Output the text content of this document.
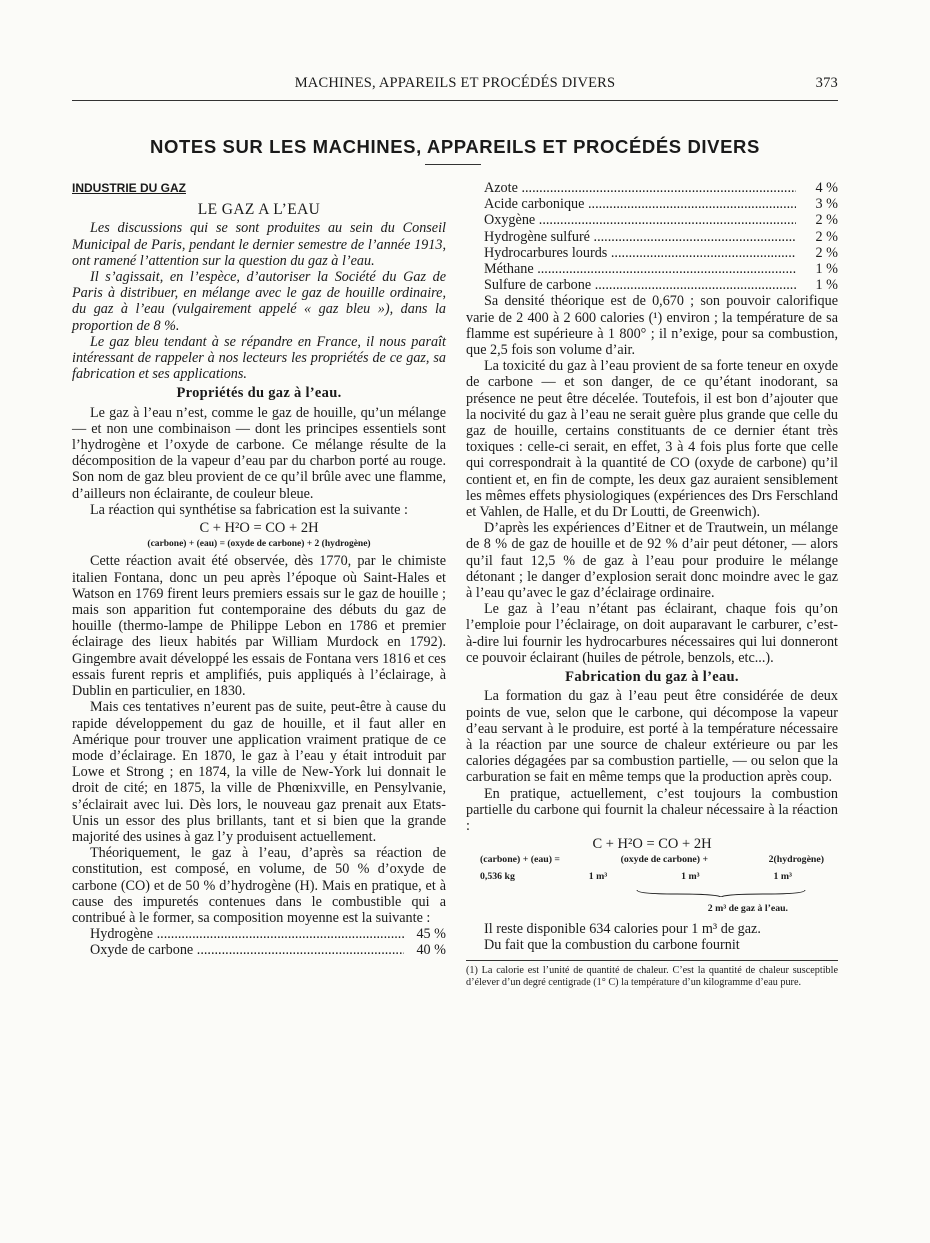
MACHINES, APPAREILS ET PROCÉDÉS DIVERS	373
NOTES SUR LES MACHINES, APPAREILS ET PROCÉDÉS DIVERS
INDUSTRIE DU GAZ
LE GAZ A L’EAU

Les discussions qui se sont produites au sein du Conseil Municipal de Paris, pendant le dernier semestre de l’année 1913, ont ramené l’attention sur la question du gaz à l’eau.

Il s’agissait, en l’espèce, d’autoriser la Société du Gaz de Paris à distribuer, en mélange avec le gaz de houille ordinaire, du gaz à l’eau (vulgairement appelé « gaz bleu »), dans la proportion de 8 %.

Le gaz bleu tendant à se répandre en France, il nous paraît intéressant de rappeler à nos lecteurs les propriétés de ce gaz, sa fabrication et ses applications.

Propriétés du gaz à l’eau.

Le gaz à l’eau n’est, comme le gaz de houille, qu’un mélange — et non une combinaison — dont les principes essentiels sont l’hydrogène et l’oxyde de carbone. Ce mélange résulte de la décomposition de la vapeur d’eau par du charbon porté au rouge. Son nom de gaz bleu provient de ce qu’il brûle avec une flamme, d’ailleurs non éclairante, de couleur bleue.

La réaction qui synthétise sa fabrication est la suivante :

C + H²O = CO + 2H
(carbone) + (eau) = (oxyde de carbone) + 2 (hydrogène)

Cette réaction avait été observée, dès 1770, par le chimiste italien Fontana, donc un peu après l’époque où Saint-Hales et Watson en 1769 firent leurs premiers essais sur le gaz de houille ; mais son apparition fut contemporaine des débuts du gaz de houille (thermo-lampe de Philippe Lebon en 1786 et premier éclairage des lieux habités par William Murdock en 1792). Gingembre avait développé les essais de Fontana vers 1816 et ces essais furent repris et amplifiés, puis appliqués à l’éclairage, à Dublin en particulier, en 1830.

Mais ces tentatives n’eurent pas de suite, peut-être à cause du rapide développement du gaz de houille, et il faut aller en Amérique pour trouver une application vraiment pratique de ce mode d’éclairage. En 1870, le gaz à l’eau y était introduit par Lowe et Strong ; en 1874, la ville de New-York lui donnait le droit de cité; en 1875, la ville de Phœnixville, en Pensylvanie, s’éclairait avec lui. Dès lors, le nouveau gaz prenait aux Etats-Unis un essor des plus brillants, tant et si bien que la grande majorité des usines à gaz l’y produisent actuellement.

Théoriquement, le gaz à l’eau, d’après sa réaction de constitution, est composé, en volume, de 50 % d’oxyde de carbone (CO) et de 50 % d’hydrogène (H). Mais en pratique, et à cause des impuretés contenues dans le combustible qui a contribué à le former, sa composition moyenne est la suivante :

Hydrogène .....	45 %
Oxyde de carbone .....	40 %
Azote .....	4 %
Acide carbonique .....	3 %
Oxygène .....	2 %
Hydrogène sulfuré .....	2 %
Hydrocarbures lourds .....	2 %
Méthane .....	1 %
Sulfure de carbone .....	1 %

Sa densité théorique est de 0,670 ; son pouvoir calorifique varie de 2 400 à 2 600 calories (¹) environ ; la température de sa flamme est supérieure à 1 800° ; il n’exige, pour sa combustion, que 2,5 fois son volume d’air.

La toxicité du gaz à l’eau provient de sa forte teneur en oxyde de carbone — et son danger, de ce qu’étant inodorant, sa présence ne peut être décelée. Toutefois, il est bon d’ajouter que la nocivité du gaz à l’eau ne serait guère plus grande que celle du gaz de houille, certains constituants de ce dernier étant très toxiques : celle-ci serait, en effet, 3 à 4 fois plus forte que celle qui correspondrait à la quantité de CO (oxyde de carbone) qu’il contient et, en fin de compte, les deux gaz auraient sensiblement les mêmes effets physiologiques (expériences des Drs Ferschland et Vahlen, de Halle, et du Dr Loutti, de Greenwich).

D’après les expériences d’Eitner et de Trautwein, un mélange de 8 % de gaz de houille et de 92 % d’air peut détoner, — alors qu’il faut 12,5 % de gaz à l’eau pour produire le mélange détonant ; le danger d’explosion serait donc moindre avec le gaz à l’eau qu’avec le gaz d’éclairage ordinaire.

Le gaz à l’eau n’étant pas éclairant, chaque fois qu’on l’emploie pour l’éclairage, on doit auparavant le carburer, c’est-à-dire lui fournir les hydrocarbures nécessaires qui lui donneront ce pouvoir éclairant (huiles de pétrole, benzols, etc...).

Fabrication du gaz à l’eau.

La formation du gaz à l’eau peut être considérée de deux points de vue, selon que le carbone, qui décompose la vapeur d’eau servant à le produire, est porté à la température nécessaire à la réaction par une source de chaleur extérieure ou par les calories dégagées par sa combustion partielle, — ou selon que la carburation se fait en même temps que la production après coup.

En pratique, actuellement, c’est toujours la combustion partielle du carbone qui fournit la chaleur nécessaire à la réaction :

C + H²O = CO + 2H
(carbone) + (eau) =	(oxyde de carbone) +	2(hydrogène)
0,536 kg	1 m³	1 m³	1 m³
2 m³ de gaz à l’eau.

Il reste disponible 634 calories pour 1 m³ de gaz.

Du fait que la combustion du carbone fournit

(1) La calorie est l’unité de quantité de chaleur. C’est la quantité de chaleur susceptible d’élever d’un degré centigrade (1° C) la température d’un kilogramme d’eau pure.
